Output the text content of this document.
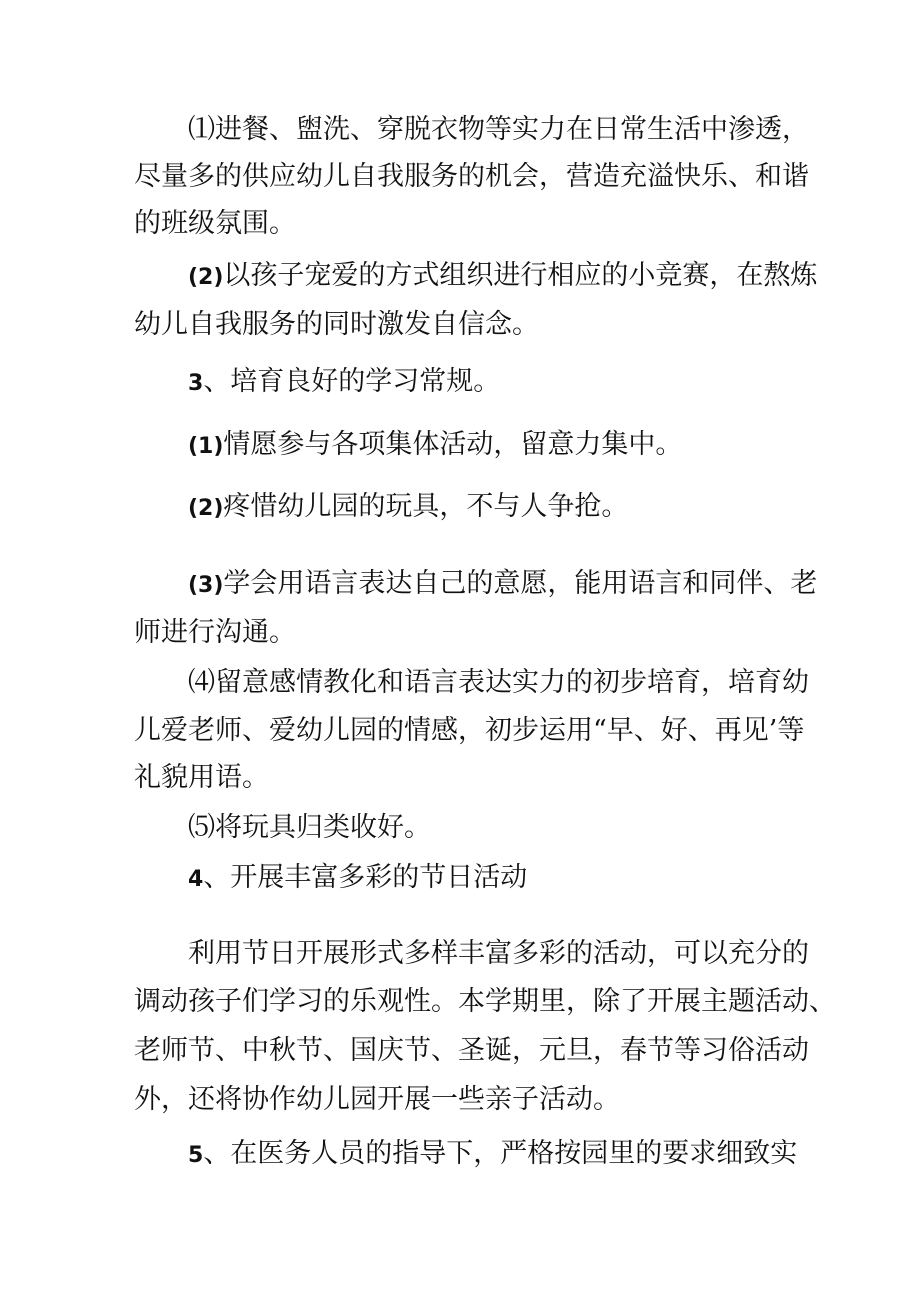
⑴进餐、盥洗、穿脱衣物等实力在日常生活中渗透，
尽量多的供应幼儿自我服务的机会，营造充溢快乐、和谐
的班级氛围。
(2)以孩子宠爱的方式组织进行相应的小竞赛，在熬炼
幼儿自我服务的同时激发自信念。
3、培育良好的学习常规。
(1)情愿参与各项集体活动，留意力集中。
(2)疼惜幼儿园的玩具，不与人争抢。
(3)学会用语言表达自己的意愿，能用语言和同伴、老
师进行沟通。
⑷留意感情教化和语言表达实力的初步培育，培育幼
儿爱老师、爱幼儿园的情感，初步运用“早、好、再见’等
礼貌用语。
⑸将玩具归类收好。
4、开展丰富多彩的节日活动
利用节日开展形式多样丰富多彩的活动，可以充分的
调动孩子们学习的乐观性。本学期里，除了开展主题活动、
老师节、中秋节、国庆节、圣诞，元旦，春节等习俗活动
外，还将协作幼儿园开展一些亲子活动。
5、在医务人员的指导下，严格按园里的要求细致实
